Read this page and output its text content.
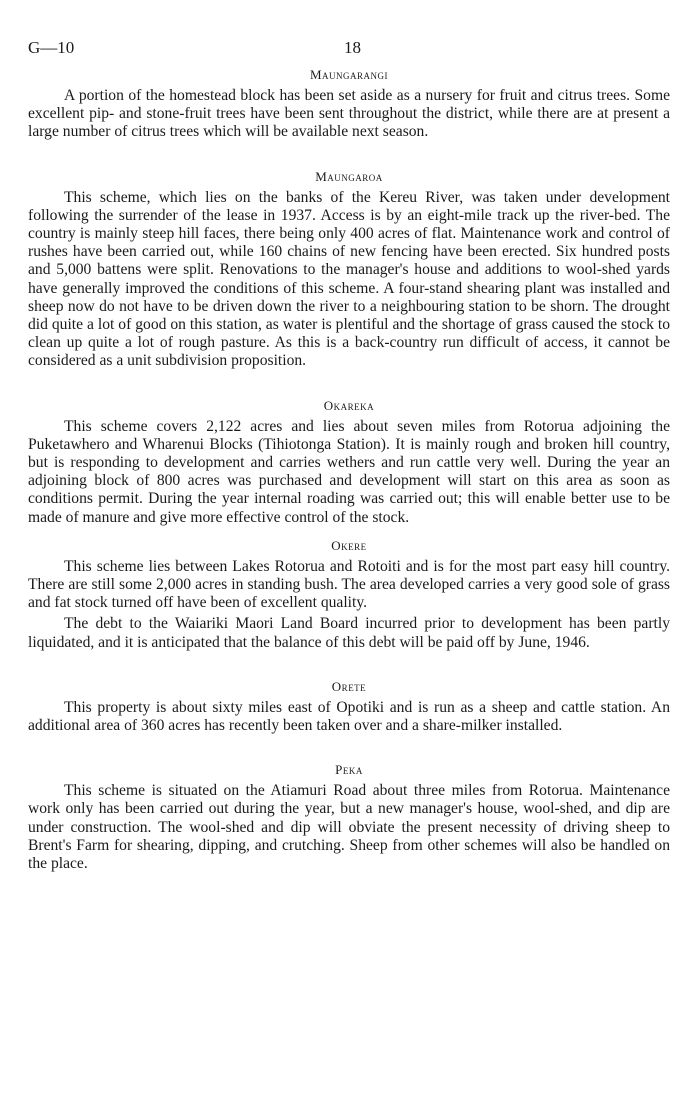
G—10	18
Maungarangi

A portion of the homestead block has been set aside as a nursery for fruit and citrus trees. Some excellent pip- and stone-fruit trees have been sent throughout the district, while there are at present a large number of citrus trees which will be available next season.

Maungaroa

This scheme, which lies on the banks of the Kereu River, was taken under development following the surrender of the lease in 1937. Access is by an eight-mile track up the river-bed. The country is mainly steep hill faces, there being only 400 acres of flat. Maintenance work and control of rushes have been carried out, while 160 chains of new fencing have been erected. Six hundred posts and 5,000 battens were split. Renovations to the manager's house and additions to wool-shed yards have generally improved the conditions of this scheme. A four-stand shearing plant was installed and sheep now do not have to be driven down the river to a neighbouring station to be shorn. The drought did quite a lot of good on this station, as water is plentiful and the shortage of grass caused the stock to clean up quite a lot of rough pasture. As this is a back-country run difficult of access, it cannot be considered as a unit subdivision proposition.

Okareka

This scheme covers 2,122 acres and lies about seven miles from Rotorua adjoining the Puketawhero and Wharenui Blocks (Tihiotonga Station). It is mainly rough and broken hill country, but is responding to development and carries wethers and run cattle very well. During the year an adjoining block of 800 acres was purchased and development will start on this area as soon as conditions permit. During the year internal roading was carried out; this will enable better use to be made of manure and give more effective control of the stock.

Okere

This scheme lies between Lakes Rotorua and Rotoiti and is for the most part easy hill country. There are still some 2,000 acres in standing bush. The area developed carries a very good sole of grass and fat stock turned off have been of excellent quality.

The debt to the Waiariki Maori Land Board incurred prior to development has been partly liquidated, and it is anticipated that the balance of this debt will be paid off by June, 1946.

Orete

This property is about sixty miles east of Opotiki and is run as a sheep and cattle station. An additional area of 360 acres has recently been taken over and a share-milker installed.

Peka

This scheme is situated on the Atiamuri Road about three miles from Rotorua. Maintenance work only has been carried out during the year, but a new manager's house, wool-shed, and dip are under construction. The wool-shed and dip will obviate the present necessity of driving sheep to Brent's Farm for shearing, dipping, and crutching. Sheep from other schemes will also be handled on the place.
